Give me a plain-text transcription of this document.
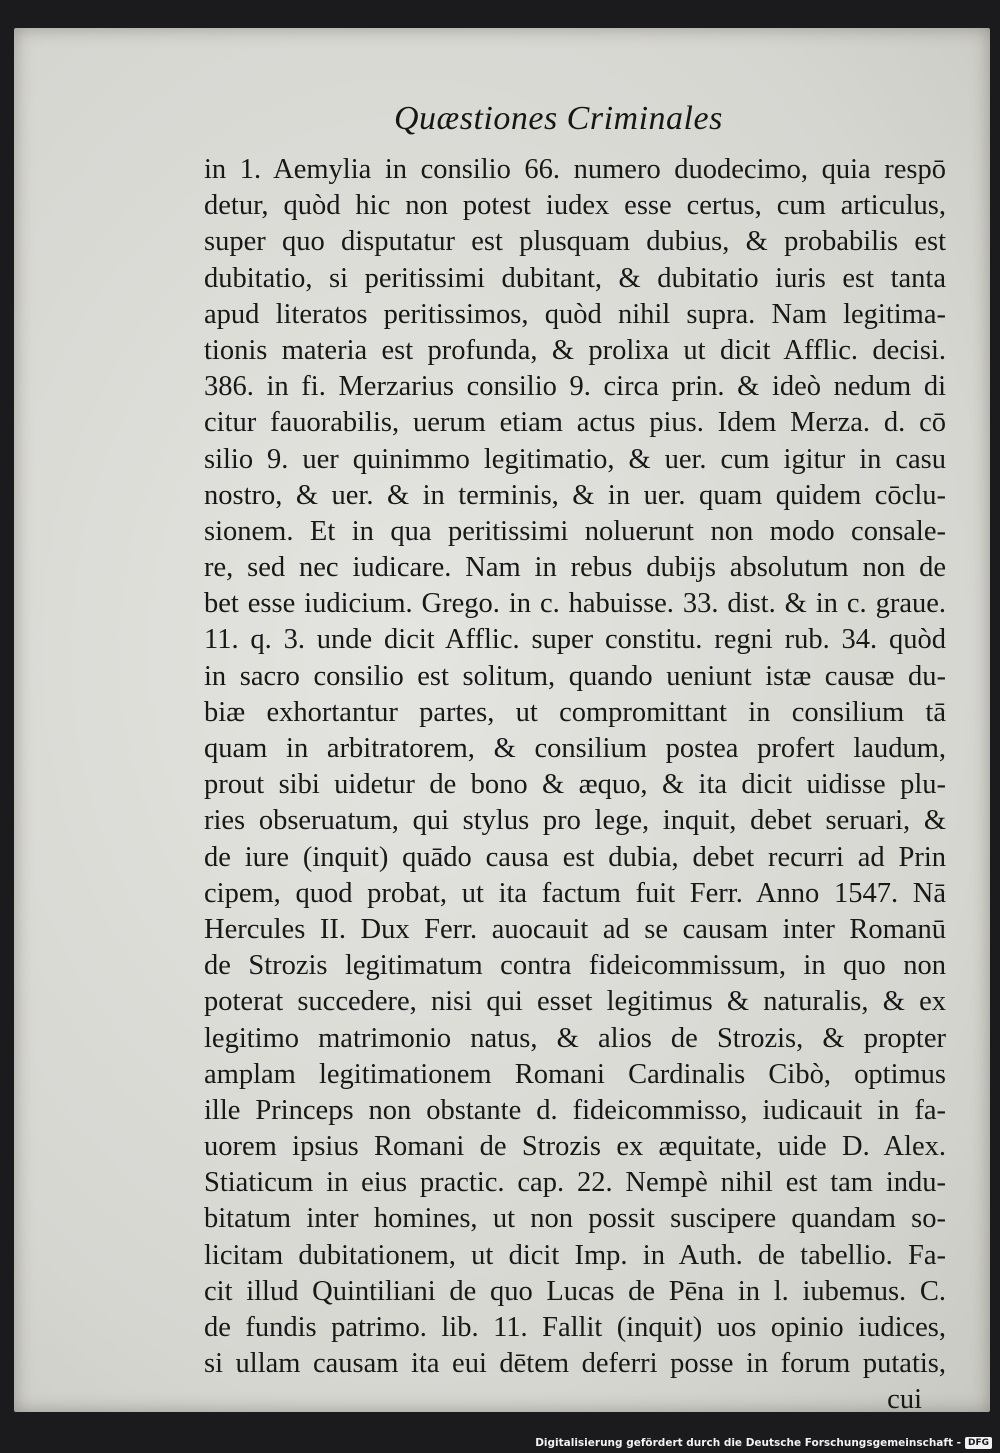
Quæstiones Criminales
in 1. Aemylia in consilio 66. numero duodecimo, quia respō
detur, quòd hic non potest iudex esse certus, cum articulus,
super quo disputatur est plusquam dubius, & probabilis est
dubitatio, si peritissimi dubitant, & dubitatio iuris est tanta
apud literatos peritissimos, quòd nihil supra. Nam legitima-
tionis materia est profunda, & prolixa ut dicit Afflic. decisi.
386. in fi. Merzarius consilio 9. circa prin. & ideò nedum di
citur fauorabilis, uerum etiam actus pius. Idem Merza. d. cō
silio 9. uer quinimmo legitimatio, & uer. cum igitur in casu
nostro, & uer. & in terminis, & in uer. quam quidem cōclu-
sionem. Et in qua peritissimi noluerunt non modo consale-
re, sed nec iudicare. Nam in rebus dubijs absolutum non de
bet esse iudicium. Grego. in c. habuisse. 33. dist. & in c. graue.
11. q. 3. unde dicit Afflic. super constitu. regni rub. 34. quòd
in sacro consilio est solitum, quando ueniunt istæ causæ du-
biæ exhortantur partes, ut compromittant in consilium tā
quam in arbitratorem, & consilium postea profert laudum,
prout sibi uidetur de bono & æquo, & ita dicit uidisse plu-
ries obseruatum, qui stylus pro lege, inquit, debet seruari, &
de iure (inquit) quādo causa est dubia, debet recurri ad Prin
cipem, quod probat, ut ita factum fuit Ferr. Anno 1547. Nā
Hercules II. Dux Ferr. auocauit ad se causam inter Romanū
de Strozis legitimatum contra fideicommissum, in quo non
poterat succedere, nisi qui esset legitimus & naturalis, & ex
legitimo matrimonio natus, & alios de Strozis, & propter
amplam legitimationem Romani Cardinalis Cibò, optimus
ille Princeps non obstante d. fideicommisso, iudicauit in fa-
uorem ipsius Romani de Strozis ex æquitate, uide D. Alex.
Stiaticum in eius practic. cap. 22. Nempè nihil est tam indu-
bitatum inter homines, ut non possit suscipere quandam so-
licitam dubitationem, ut dicit Imp. in Auth. de tabellio. Fa-
cit illud Quintiliani de quo Lucas de Pēna in l. iubemus. C.
de fundis patrimo. lib. 11. Fallit (inquit) uos opinio iudices,
si ullam causam ita eui dētem deferri posse in forum putatis,
cui
Digitalisierung gefördert durch die Deutsche Forschungsgemeinschaft - DFG
